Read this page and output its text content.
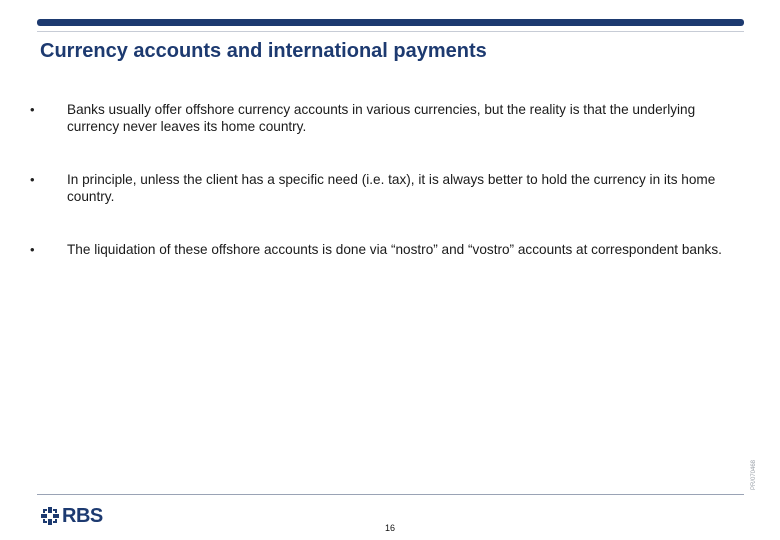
Currency accounts and international payments
•	Banks usually offer offshore currency accounts in various currencies, but the reality is that the underlying currency never leaves its home country.
•	In principle, unless the client has a specific need (i.e. tax), it is always better to hold the currency in its home country.
•	The liquidation of these offshore accounts is done via “nostro” and “vostro” accounts at correspondent banks.
PR/070468
RBS
16
